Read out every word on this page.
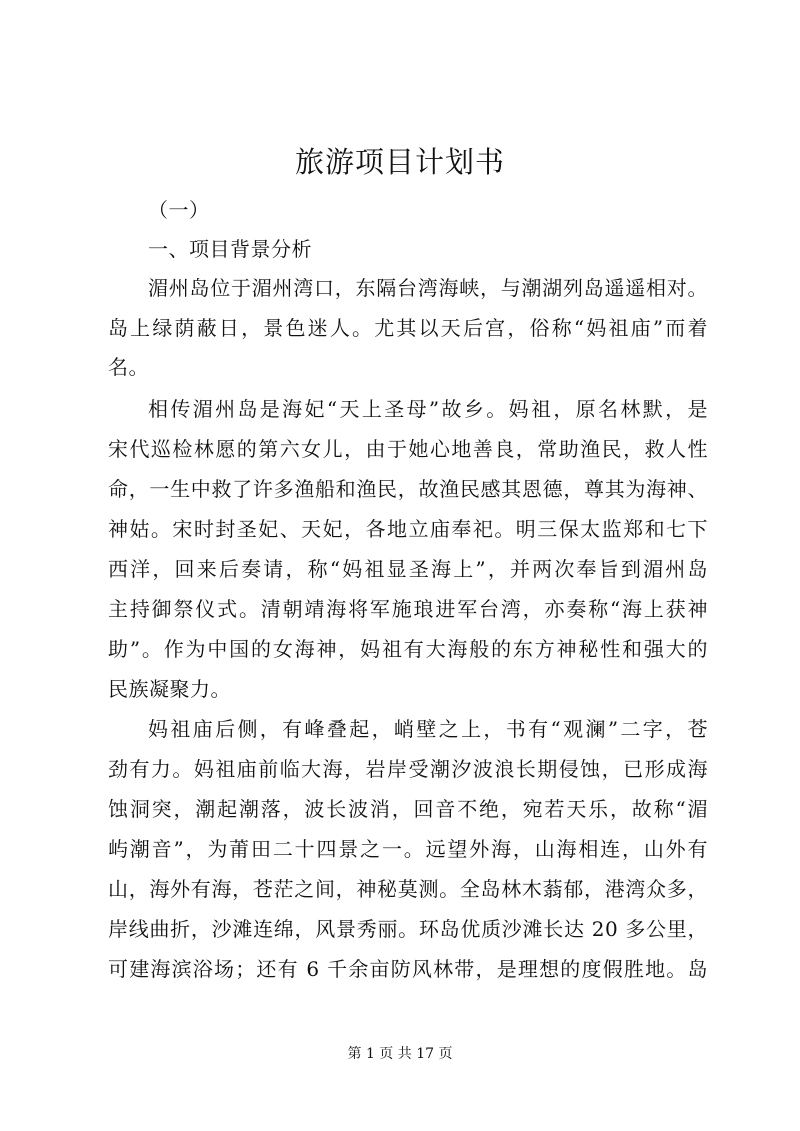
旅游项目计划书
（一）
一、项目背景分析
湄州岛位于湄州湾口，东隔台湾海峡，与潮湖列岛遥遥相对。
岛上绿荫蔽日，景色迷人。尤其以天后宫，俗称“妈祖庙”而着
名。
相传湄州岛是海妃“天上圣母”故乡。妈祖，原名林默，是
宋代巡检林愿的第六女儿，由于她心地善良，常助渔民，救人性
命，一生中救了许多渔船和渔民，故渔民感其恩德，尊其为海神、
神姑。宋时封圣妃、天妃，各地立庙奉祀。明三保太监郑和七下
西洋，回来后奏请，称“妈祖显圣海上”，并两次奉旨到湄州岛
主持御祭仪式。清朝靖海将军施琅进军台湾，亦奏称“海上获神
助”。作为中国的女海神，妈祖有大海般的东方神秘性和强大的
民族凝聚力。
妈祖庙后侧，有峰叠起，峭壁之上，书有“观澜”二字，苍
劲有力。妈祖庙前临大海，岩岸受潮汐波浪长期侵蚀，已形成海
蚀洞突，潮起潮落，波长波消，回音不绝，宛若天乐，故称“湄
屿潮音”，为莆田二十四景之一。远望外海，山海相连，山外有
山，海外有海，苍茫之间，神秘莫测。全岛林木蓊郁，港湾众多，
岸线曲折，沙滩连绵，风景秀丽。环岛优质沙滩长达 20 多公里，
可建海滨浴场；还有 6 千余亩防风林带，是理想的度假胜地。岛
第 1 页 共 17 页
